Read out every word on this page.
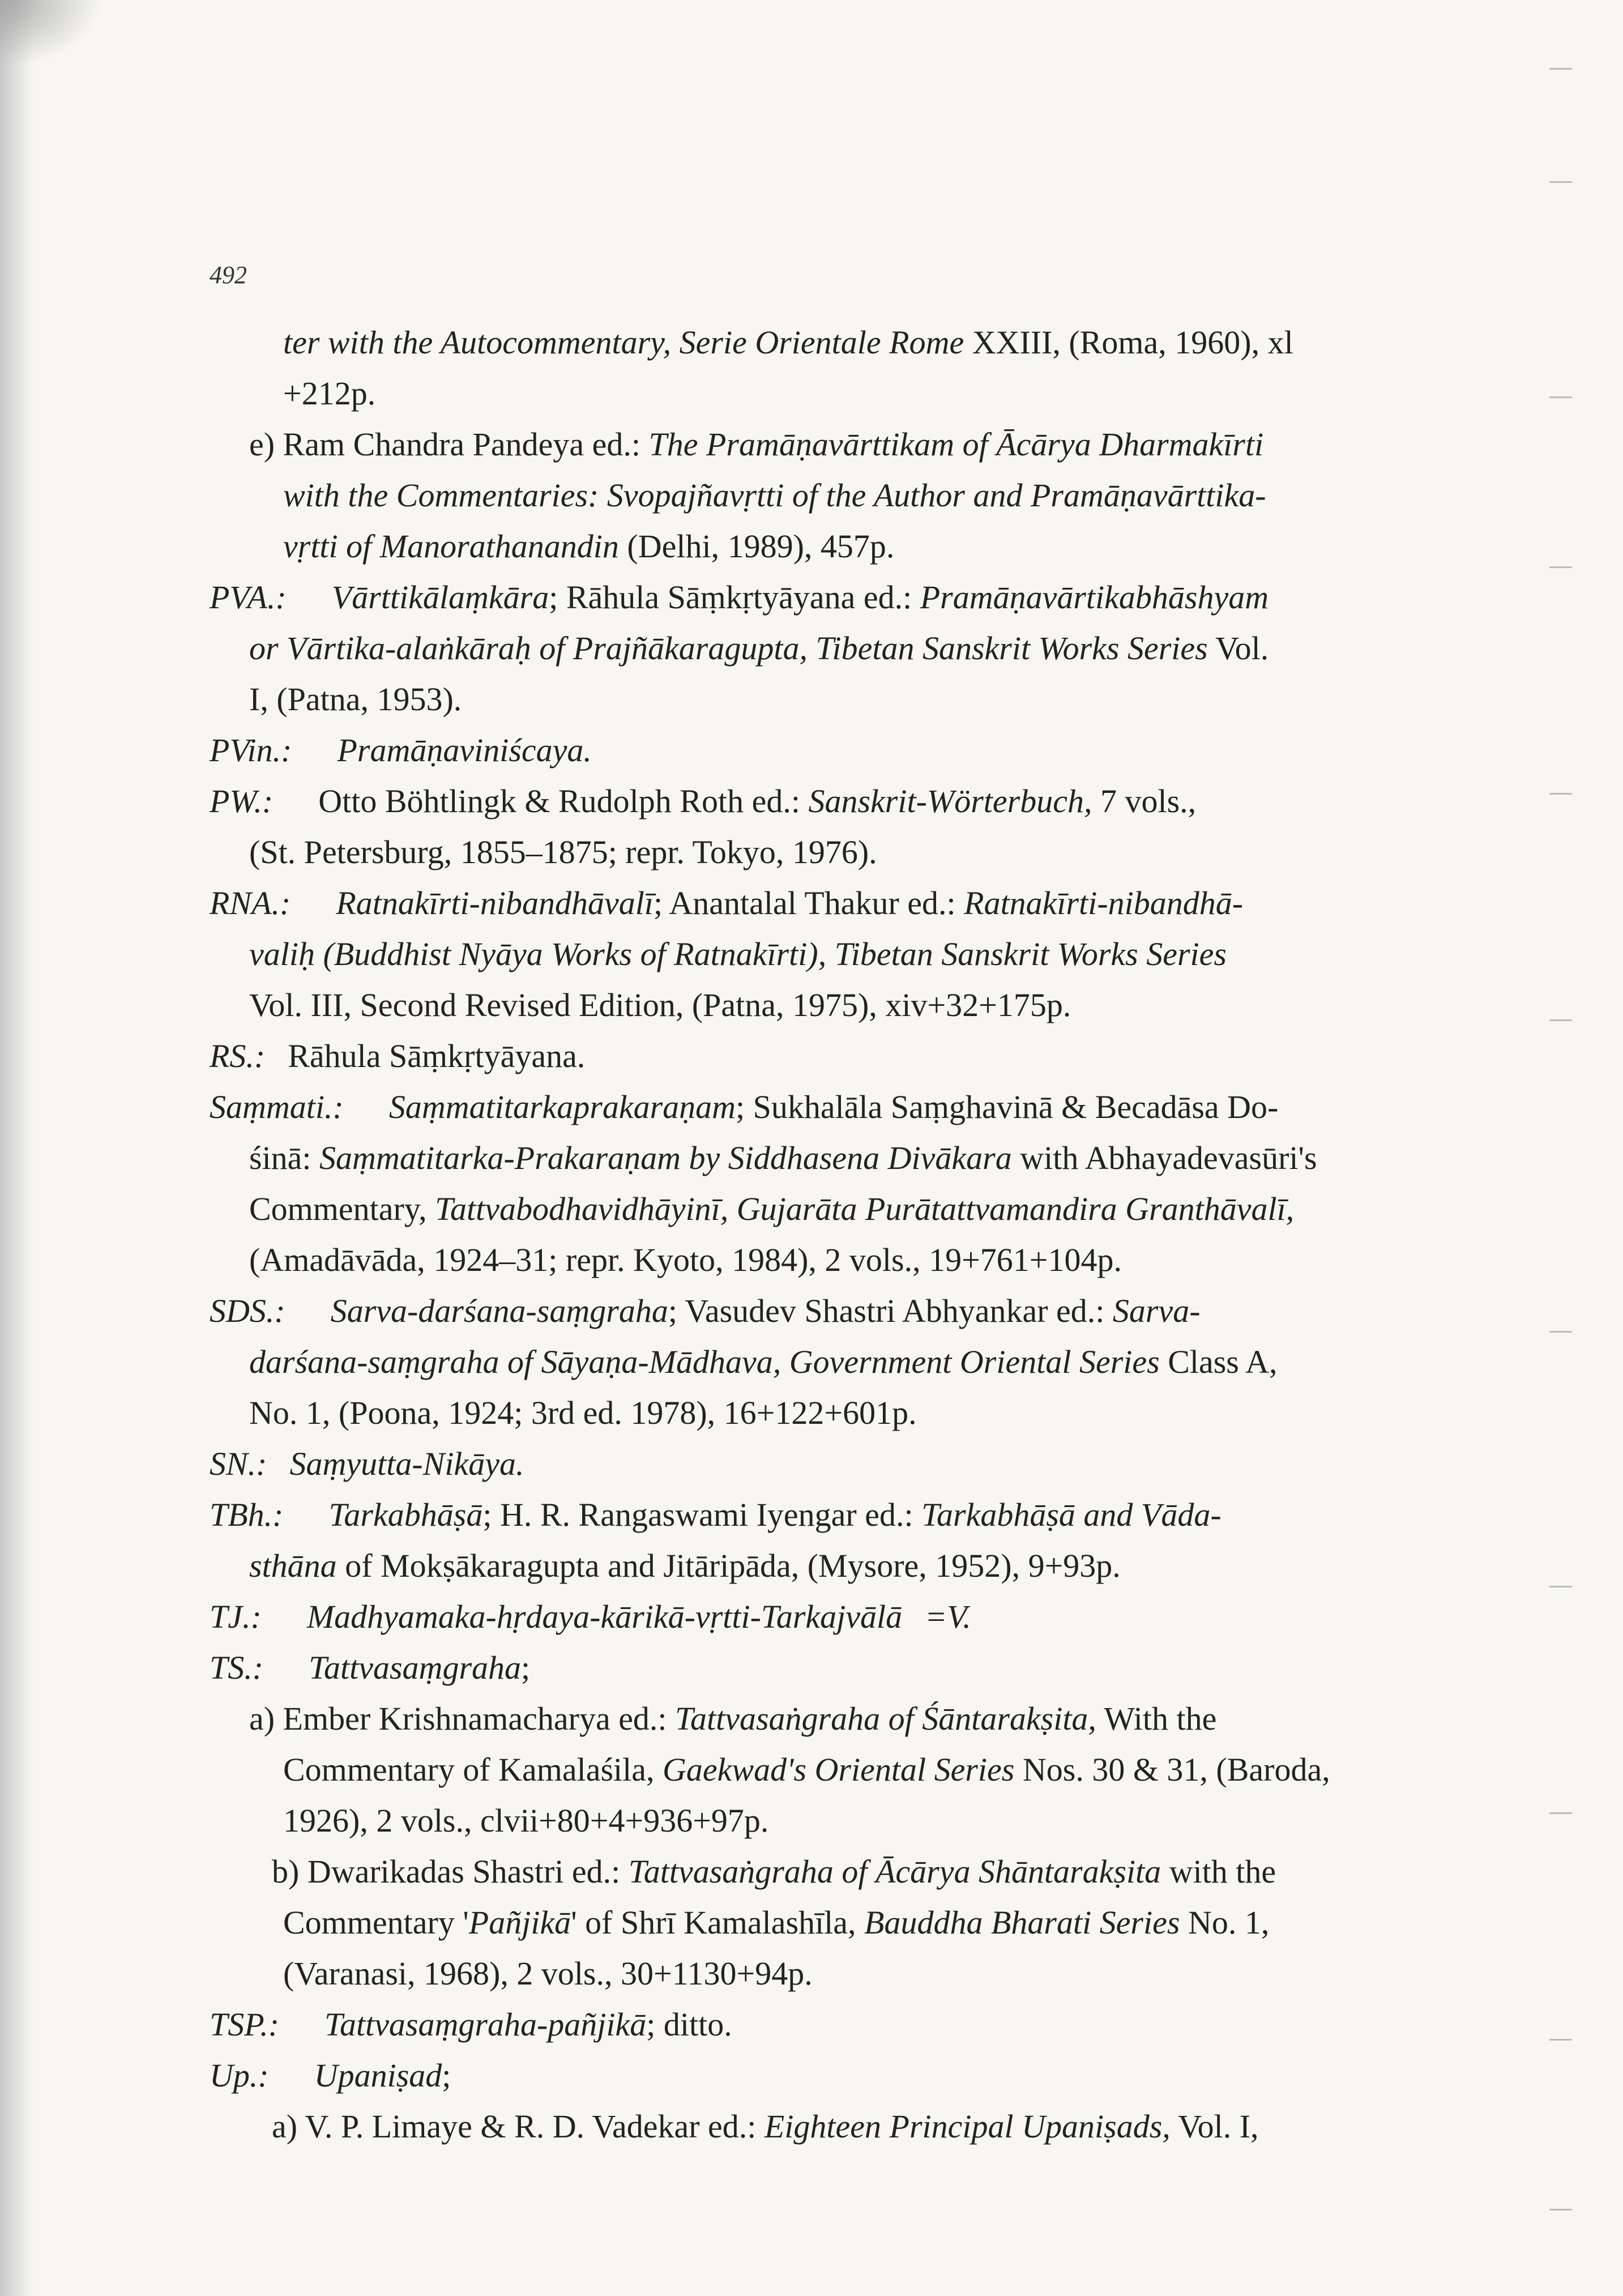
492
ter with the Autocommentary, Serie Orientale Rome XXIII, (Roma, 1960), xl
+212p.
e) Ram Chandra Pandeya ed.: The Pramāṇavārttikam of Ācārya Dharmakīrti
with the Commentaries: Svopajñavṛtti of the Author and Pramāṇavārttika-
vṛtti of Manorathanandin (Delhi, 1989), 457p.
PVA.: Vārttikālaṃkāra; Rāhula Sāṃkṛtyāyana ed.: Pramāṇavārtikabhāshyam
or Vārtika-alaṅkāraḥ of Prajñākaragupta, Tibetan Sanskrit Works Series Vol.
I, (Patna, 1953).
PVin.: Pramāṇaviniścaya.
PW.: Otto Böhtlingk & Rudolph Roth ed.: Sanskrit-Wörterbuch, 7 vols.,
(St. Petersburg, 1855–1875; repr. Tokyo, 1976).
RNA.: Ratnakīrti-nibandhāvalī; Anantalal Thakur ed.: Ratnakīrti-nibandhā-
valiḥ (Buddhist Nyāya Works of Ratnakīrti), Tibetan Sanskrit Works Series
Vol. III, Second Revised Edition, (Patna, 1975), xiv+32+175p.
RS.: Rāhula Sāṃkṛtyāyana.
Saṃmati.: Saṃmatitarkaprakaraṇam; Sukhalāla Saṃghavinā & Becadāsa Do-
śinā: Saṃmatitarka-Prakaraṇam by Siddhasena Divākara with Abhayadevasūri's
Commentary, Tattvabodhavidhāyinī, Gujarāta Purātattvamandira Granthāvalī,
(Amadāvāda, 1924–31; repr. Kyoto, 1984), 2 vols., 19+761+104p.
SDS.: Sarva-darśana-saṃgraha; Vasudev Shastri Abhyankar ed.: Sarva-
darśana-saṃgraha of Sāyaṇa-Mādhava, Government Oriental Series Class A,
No. 1, (Poona, 1924; 3rd ed. 1978), 16+122+601p.
SN.: Saṃyutta-Nikāya.
TBh.: Tarkabhāṣā; H. R. Rangaswami Iyengar ed.: Tarkabhāṣā and Vāda-
sthāna of Mokṣākaragupta and Jitāripāda, (Mysore, 1952), 9+93p.
TJ.: Madhyamaka-hṛdaya-kārikā-vṛtti-Tarkajvālā =V.
TS.: Tattvasaṃgraha;
a) Ember Krishnamacharya ed.: Tattvasaṅgraha of Śāntarakṣita, With the
Commentary of Kamalaśila, Gaekwad's Oriental Series Nos. 30 & 31, (Baroda,
1926), 2 vols., clvii+80+4+936+97p.
b) Dwarikadas Shastri ed.: Tattvasaṅgraha of Ācārya Shāntarakṣita with the
Commentary 'Pañjikā' of Shrī Kamalashīla, Bauddha Bharati Series No. 1,
(Varanasi, 1968), 2 vols., 30+1130+94p.
TSP.: Tattvasaṃgraha-pañjikā; ditto.
Up.: Upaniṣad;
a) V. P. Limaye & R. D. Vadekar ed.: Eighteen Principal Upaniṣads, Vol. I,
